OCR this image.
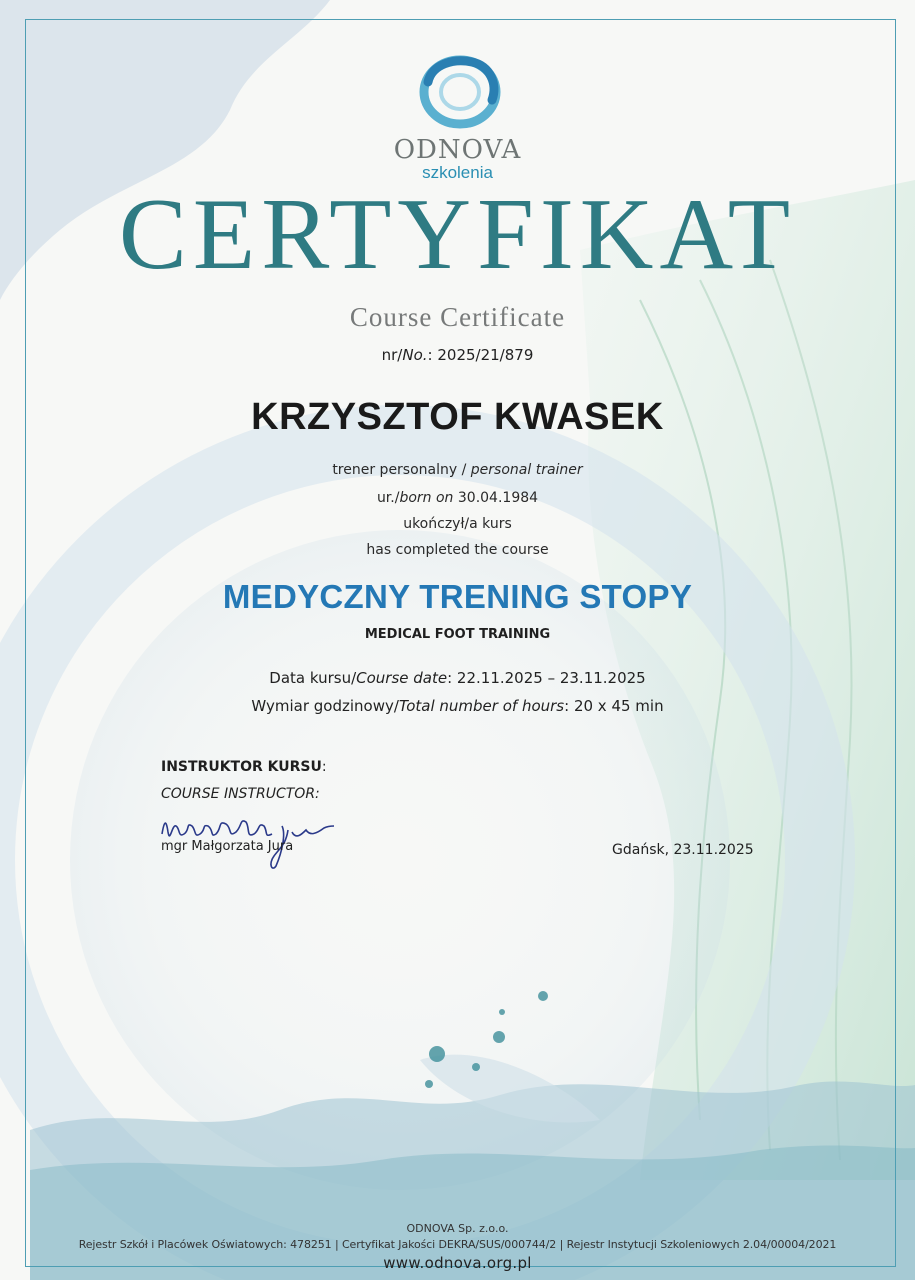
ODNOVA
szkolenia
CERTYFIKAT
Course Certificate
nr/No.: 2025/21/879
KRZYSZTOF KWASEK
trener personalny / personal trainer
ur./born on 30.04.1984
ukończył/a kurs
has completed the course
MEDYCZNY TRENING STOPY
MEDICAL FOOT TRAINING
Data kursu/Course date: 22.11.2025 – 23.11.2025
Wymiar godzinowy/Total number of hours: 20 x 45 min
INSTRUKTOR KURSU:
COURSE INSTRUCTOR:
mgr Małgorzata Jura	Gdańsk, 23.11.2025
ODNOVA Sp. z.o.o.
Rejestr Szkół i Placówek Oświatowych: 478251 | Certyfikat Jakości DEKRA/SUS/000744/2 | Rejestr Instytucji Szkoleniowych 2.04/00004/2021
www.odnova.org.pl
